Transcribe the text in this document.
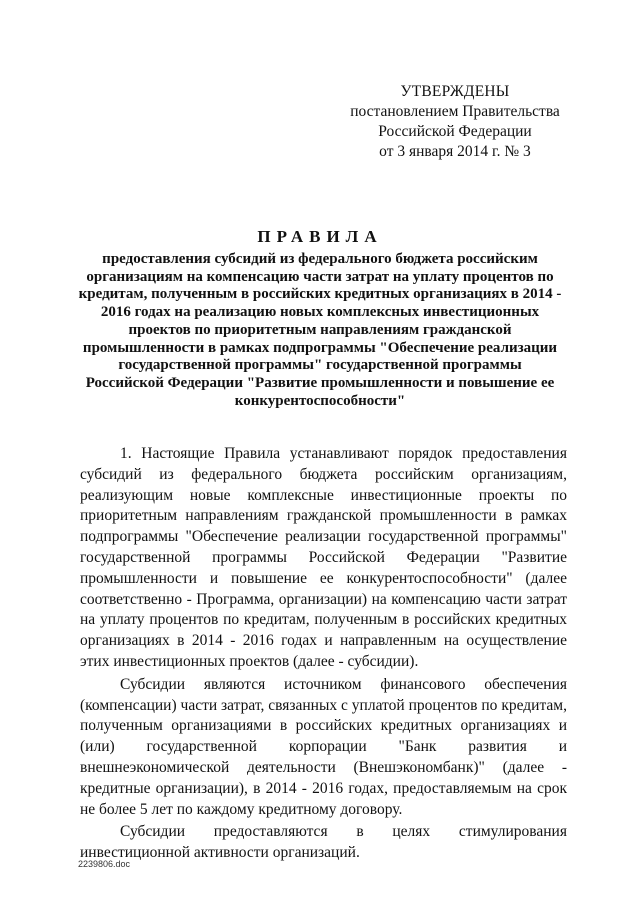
УТВЕРЖДЕНЫ
постановлением Правительства
Российской Федерации
от 3 января 2014 г. № 3
ПРАВИЛА
предоставления субсидий из федерального бюджета российским организациям на компенсацию части затрат на уплату процентов по кредитам, полученным в российских кредитных организациях в 2014 - 2016 годах на реализацию новых комплексных инвестиционных проектов по приоритетным направлениям гражданской промышленности в рамках подпрограммы "Обеспечение реализации государственной программы" государственной программы Российской Федерации "Развитие промышленности и повышение ее конкурентоспособности"

1. Настоящие Правила устанавливают порядок предоставления субсидий из федерального бюджета российским организациям, реализующим новые комплексные инвестиционные проекты по приоритетным направлениям гражданской промышленности в рамках подпрограммы "Обеспечение реализации государственной программы" государственной программы Российской Федерации "Развитие промышленности и повышение ее конкурентоспособности" (далее соответственно - Программа, организации) на компенсацию части затрат на уплату процентов по кредитам, полученным в российских кредитных организациях в 2014 - 2016 годах и направленным на осуществление этих инвестиционных проектов (далее - субсидии).

Субсидии являются источником финансового обеспечения (компенсации) части затрат, связанных с уплатой процентов по кредитам, полученным организациями в российских кредитных организациях и (или) государственной корпорации "Банк развития и внешнеэкономической деятельности (Внешэкономбанк)" (далее - кредитные организации), в 2014 - 2016 годах, предоставляемым на срок не более 5 лет по каждому кредитному договору.

Субсидии предоставляются в целях стимулирования инвестиционной активности организаций.

2239806.doc
